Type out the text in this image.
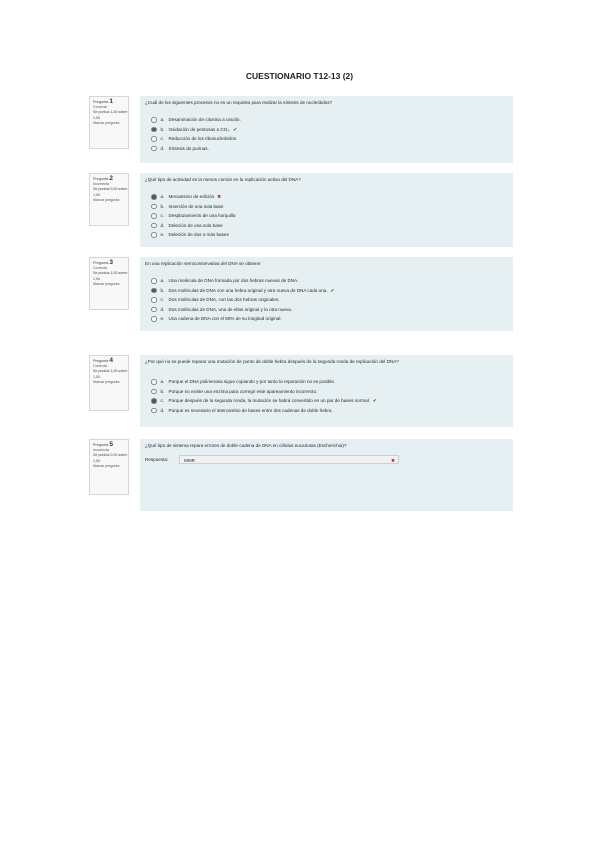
CUESTIONARIO T12-13 (2)
Pregunta 1
Correcta
Se puntúa 1,00 sobre 1,00
Marcar pregunta
¿Cuál de los siguientes procesos no es un requisito para realizar la síntesis de nucleótidos?
a. Desaminación de citosina a uracilo.
b. Oxidación de pentosas a CO₂. ✔
c. Reducción de los ribonucleótidos.
d. Síntesis de purinas.
Pregunta 2
Incorrecta
Se puntúa 0,00 sobre 1,00
Marcar pregunta
¿Qué tipo de actividad es la menos común en la replicación activa del DNA?
a. Mecanismo de edición ✖
b. Inserción de una sola base
c. Desplazamiento de una horquilla
d. Deleción de una sola base
e. Deleción de dos o más bases
Pregunta 3
Correcta
Se puntúa 1,00 sobre 1,00
Marcar pregunta
En una replicación semiconservativa del DNA se obtiene:
a. Una molécula de DNA formada por dos hebras nuevas de DNA.
b. Dos moléculas de DNA con una hebra original y otra nueva de DNA cada una. ✔
c. Dos moléculas de DNA, con las dos hebras originales.
d. Dos moléculas de DNA, una de ellas original y la otra nueva.
e. Una cadena de DNA con el 50% de su longitud original.
Pregunta 4
Correcta
Se puntúa 1,00 sobre 1,00
Marcar pregunta
¿Por qué no se puede reparar una mutación de punto de doble hebra después de la segunda ronda de replicación del DNA?
a. Porque el DNA polimerasa sigue copiando y por tanto la reparación no es posible.
b. Porque no existe una enzima para corregir este apareamiento incorrecto.
c. Porque después de la segunda ronda, la mutación se habrá convertido en un par de bases normal. ✔
d. Porque es necesario el intercambio de bases entre dos cadenas de doble hebra.
Pregunta 5
Incorrecta
Se puntúa 0,00 sobre 1,00
Marcar pregunta
¿Qué tipo de sistema repara errores de doble cadena de DNA en células eucariotas (Escherichia)?
Respuesta:	MMR	✖
